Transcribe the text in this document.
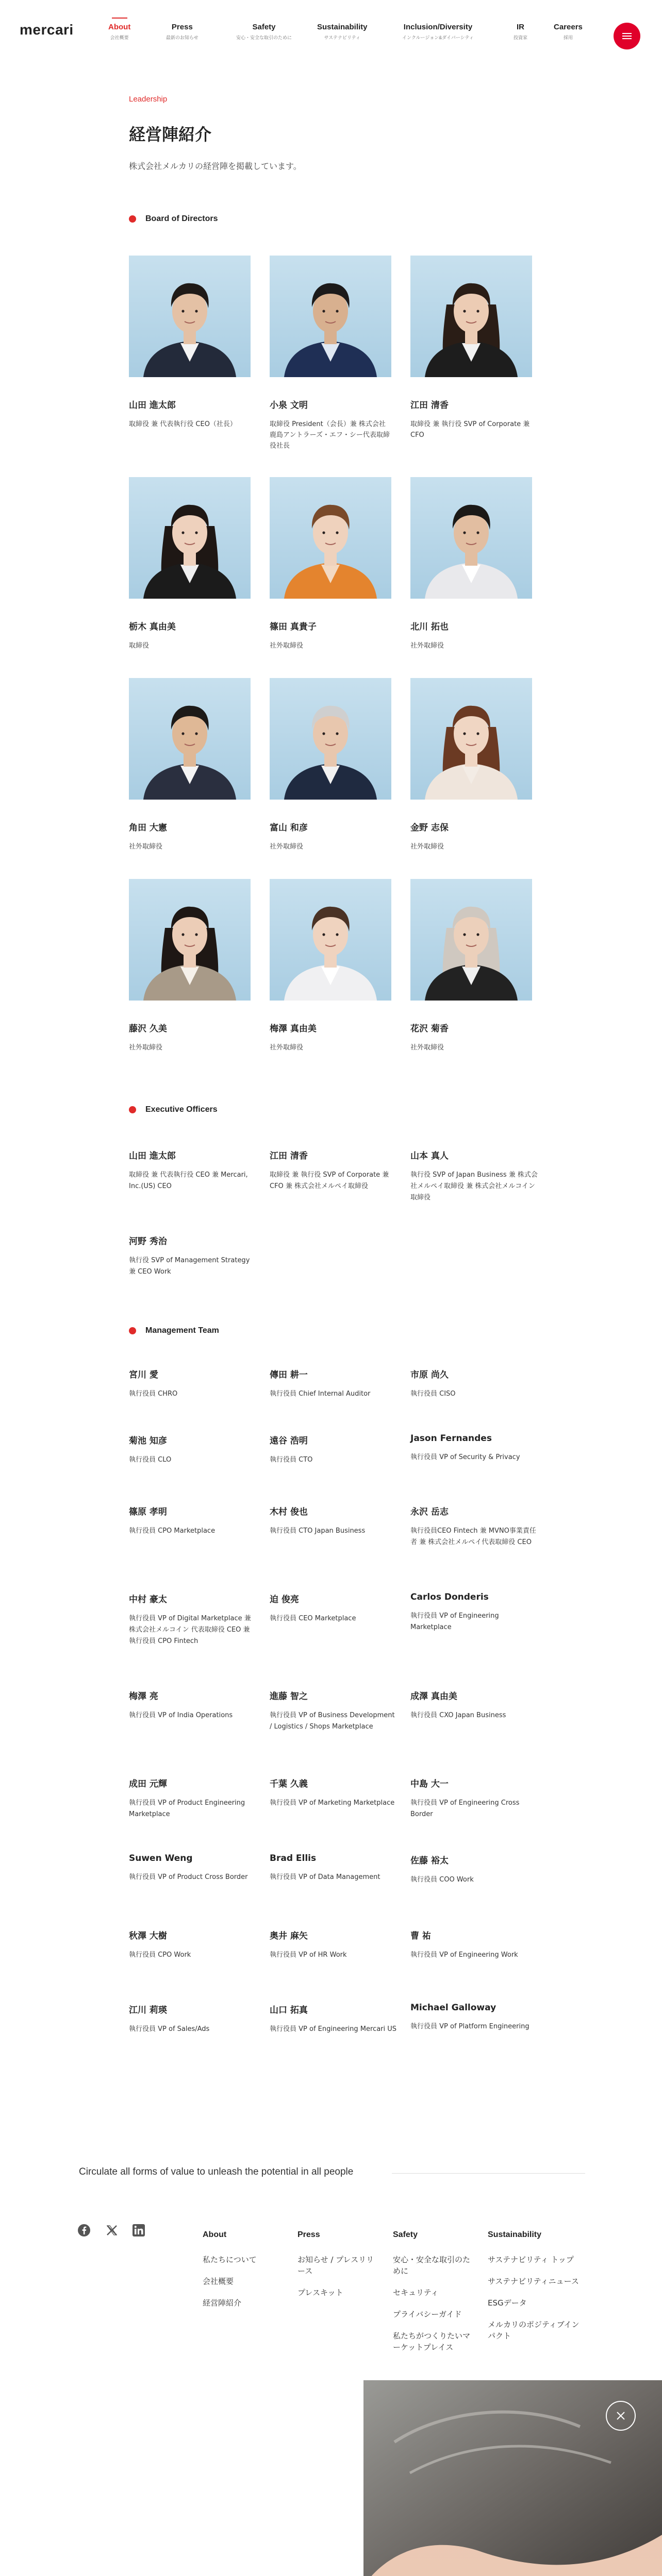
mercari	About
会社概要
Press
最新のお知らせ
Safety
安心・安全な取引のために
Sustainability
サステナビリティ
Inclusion/Diversity
インクルージョン&ダイバーシティ
IR
投資家
Careers
採用
Leadership
経営陣紹介

株式会社メルカリの経営陣を掲載しています。

Board of Directors
山田 進太郎
取締役 兼 代表執行役 CEO（社長）
小泉 文明
取締役 President（会長）兼 株式会社鹿島アントラーズ・エフ・シー代表取締役社長
江田 清香
取締役 兼 執行役 SVP of Corporate 兼 CFO
栃木 真由美
取締役
篠田 真貴子
社外取締役
北川 拓也
社外取締役
角田 大憲
社外取締役
富山 和彦
社外取締役
金野 志保
社外取締役
藤沢 久美
社外取締役
梅澤 真由美
社外取締役
花沢 菊香
社外取締役
Executive Officers
山田 進太郎
取締役 兼 代表執行役 CEO 兼 Mercari, Inc.(US) CEO
江田 清香
取締役 兼 執行役 SVP of Corporate 兼 CFO 兼 株式会社メルペイ取締役
山本 真人
執行役 SVP of Japan Business 兼 株式会社メルペイ取締役 兼 株式会社メルコイン取締役
河野 秀治
執行役 SVP of Management Strategy 兼 CEO Work
Management Team
宮川 愛
執行役員 CHRO
傳田 耕一
執行役員 Chief Internal Auditor
市原 尚久
執行役員 CISO
菊池 知彦
執行役員 CLO
遠谷 浩明
執行役員 CTO
Jason Fernandes
執行役員 VP of Security & Privacy
篠原 孝明
執行役員 CPO Marketplace
木村 俊也
執行役員 CTO Japan Business
永沢 岳志
執行役員CEO Fintech 兼 MVNO事業責任者 兼 株式会社メルペイ代表取締役 CEO
中村 豪太
執行役員 VP of Digital Marketplace 兼 株式会社メルコイン 代表取締役 CEO 兼 執行役員 CPO Fintech
迫 俊亮
執行役員 CEO Marketplace
Carlos Donderis
執行役員 VP of Engineering Marketplace
梅澤 亮
執行役員 VP of India Operations
進藤 智之
執行役員 VP of Business Development / Logistics / Shops Marketplace
成澤 真由美
執行役員 CXO Japan Business
成田 元輝
執行役員 VP of Product Engineering Marketplace
千葉 久義
執行役員 VP of Marketing Marketplace
中島 大一
執行役員 VP of Engineering Cross Border
Suwen Weng
執行役員 VP of Product Cross Border
Brad Ellis
執行役員 VP of Data Management
佐藤 裕太
執行役員 COO Work
秋澤 大樹
執行役員 CPO Work
奥井 麻矢
執行役員 VP of HR Work
曹 祐
執行役員 VP of Engineering Work
江川 莉瑛
執行役員 VP of Sales/Ads
山口 拓真
執行役員 VP of Engineering Mercari US
Michael Galloway
執行役員 VP of Platform Engineering
Circulate all forms of value to unleash the potential in all people
About
私たちについて
会社概要
経営陣紹介
Press
お知らせ / プレスリリース
プレスキット
Safety
安心・安全な取引のために
セキュリティ
プライバシーガイド
私たちがつくりたいマーケットプレイス
Sustainability
サステナビリティ トップ
サステナビリティニュース
ESGデータ
メルカリのポジティブインパクト
